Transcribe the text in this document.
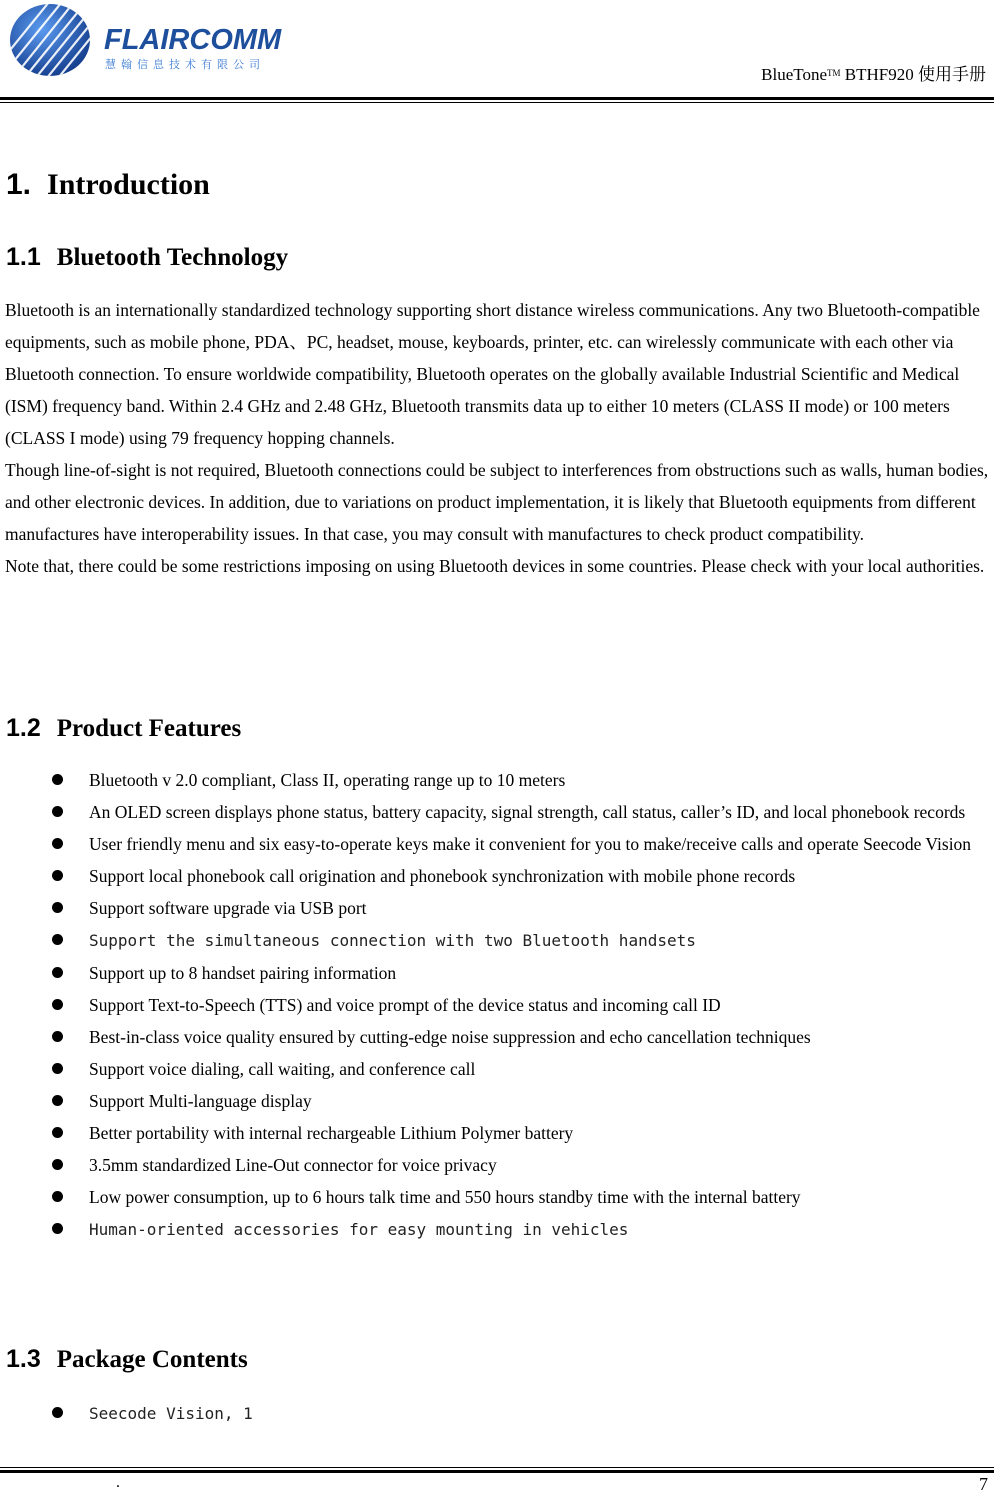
FLAIRCOMM
慧翰信息技术有限公司
BlueTone™ BTHF920 使用手册
1. Introduction
1.1 Bluetooth Technology

Bluetooth is an internationally standardized technology supporting short distance wireless communications. Any two Bluetooth-compatible equipments, such as mobile phone, PDA、PC, headset, mouse, keyboards, printer, etc. can wirelessly communicate with each other via Bluetooth connection. To ensure worldwide compatibility, Bluetooth operates on the globally available Industrial Scientific and Medical (ISM) frequency band. Within 2.4 GHz and 2.48 GHz, Bluetooth transmits data up to either 10 meters (CLASS II mode) or 100 meters (CLASS I mode) using 79 frequency hopping channels.

Though line-of-sight is not required, Bluetooth connections could be subject to interferences from obstructions such as walls, human bodies, and other electronic devices. In addition, due to variations on product implementation, it is likely that Bluetooth equipments from different manufactures have interoperability issues. In that case, you may consult with manufactures to check product compatibility.

Note that, there could be some restrictions imposing on using Bluetooth devices in some countries. Please check with your local authorities.

1.2 Product Features
Bluetooth v 2.0 compliant, Class II, operating range up to 10 meters
An OLED screen displays phone status, battery capacity, signal strength, call status, caller’s ID, and local phonebook records
User friendly menu and six easy-to-operate keys make it convenient for you to make/receive calls and operate Seecode Vision
Support local phonebook call origination and phonebook synchronization with mobile phone records
Support software upgrade via USB port
Support the simultaneous connection with two Bluetooth handsets
Support up to 8 handset pairing information
Support Text-to-Speech (TTS) and voice prompt of the device status and incoming call ID
Best-in-class voice quality ensured by cutting-edge noise suppression and echo cancellation techniques
Support voice dialing, call waiting, and conference call
Support Multi-language display
Better portability with internal rechargeable Lithium Polymer battery
3.5mm standardized Line-Out connector for voice privacy
Low power consumption, up to 6 hours talk time and 550 hours standby time with the internal battery
Human-oriented accessories for easy mounting in vehicles
1.3 Package Contents
Seecode Vision, 1
.	7
